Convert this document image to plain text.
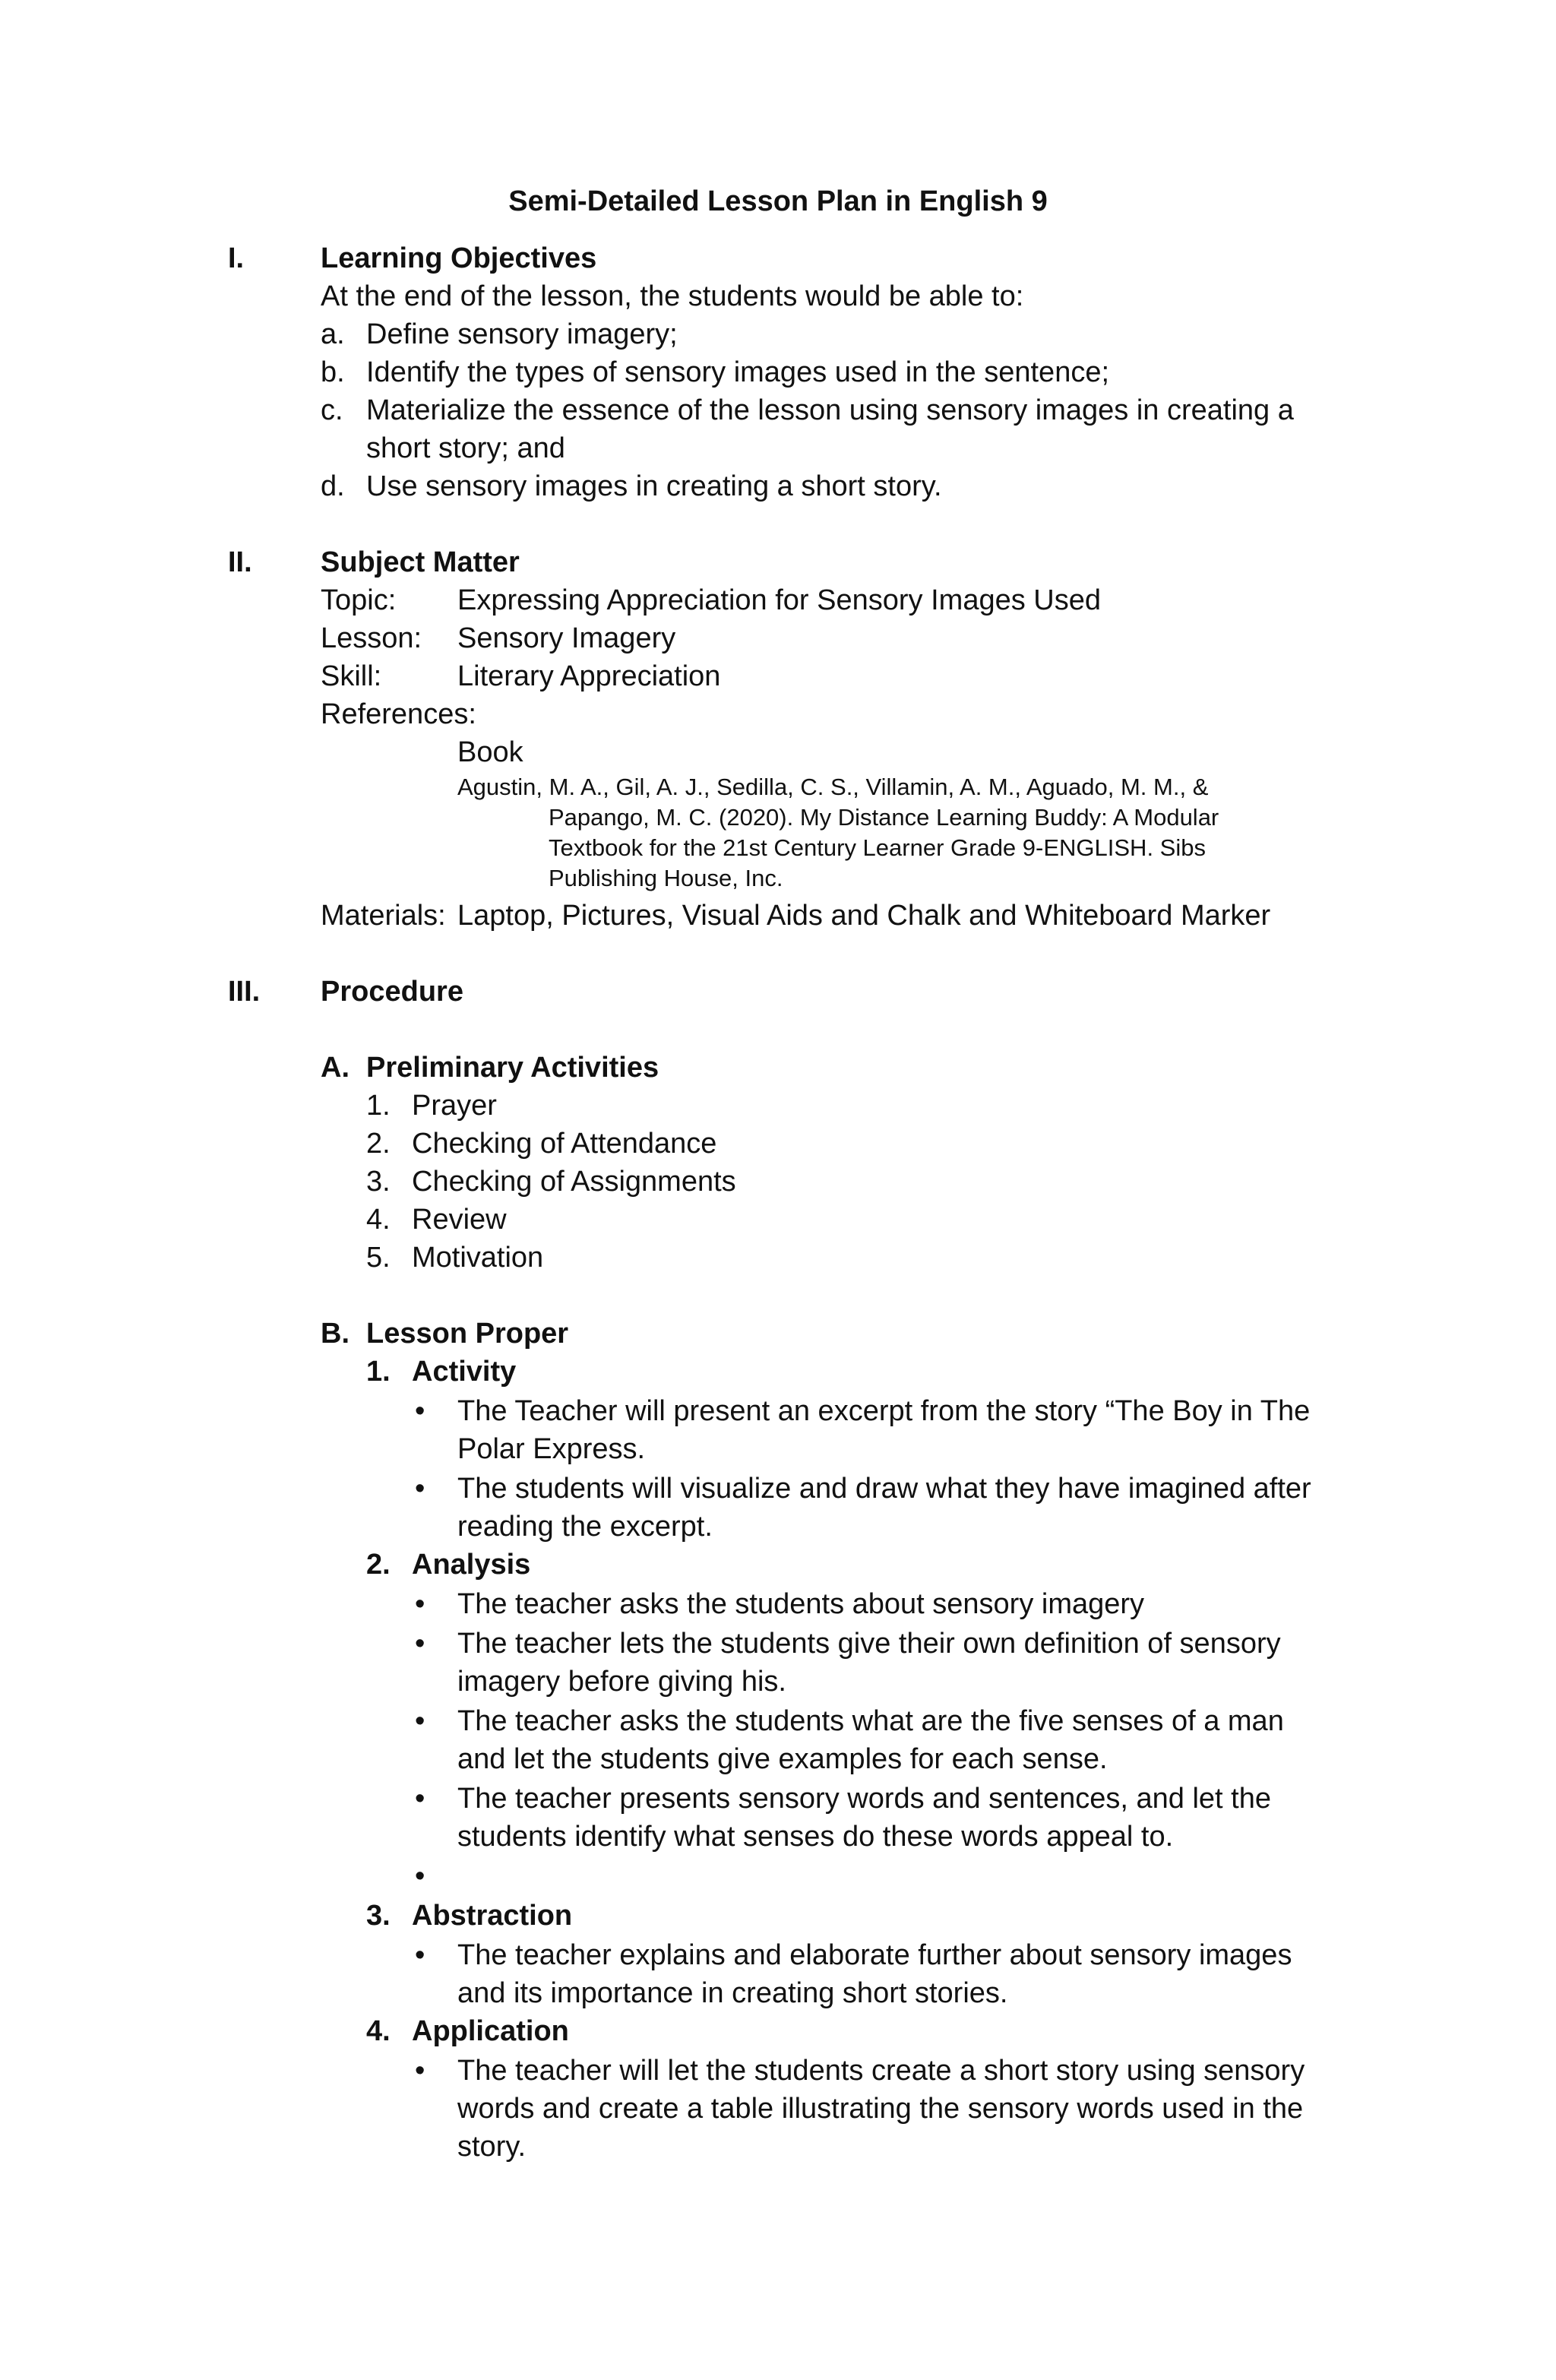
Semi-Detailed Lesson Plan in English 9
I.	Learning Objectives
At the end of the lesson, the students would be able to:
a. Define sensory imagery;
b. Identify the types of sensory images used in the sentence;
c. Materialize the essence of the lesson using sensory images in creating a
short story; and
d. Use sensory images in creating a short story.
II. Subject Matter
Topic: Expressing Appreciation for Sensory Images Used
Lesson: Sensory Imagery
Skill:	Literary Appreciation
References:
Book
Agustin, M. A., Gil, A. J., Sedilla, C. S., Villamin, A. M., Aguado, M. M., &
Papango, M. C. (2020). My Distance Learning Buddy: A Modular
Textbook for the 21st Century Learner Grade 9-ENGLISH. Sibs
Publishing House, Inc.
Materials: Laptop, Pictures, Visual Aids and Chalk and Whiteboard Marker
III. Procedure
A. Preliminary Activities
1. Prayer
2. Checking of Attendance
3. Checking of Assignments
4. Review
5. Motivation
B. Lesson Proper
1. Activity
• The Teacher will present an excerpt from the story “The Boy in The
Polar Express.
• The students will visualize and draw what they have imagined after
reading the excerpt.
2. Analysis
• The teacher asks the students about sensory imagery
• The teacher lets the students give their own definition of sensory
imagery before giving his.
• The teacher asks the students what are the five senses of a man
and let the students give examples for each sense.
• The teacher presents sensory words and sentences, and let the
students identify what senses do these words appeal to.
•
3. Abstraction
• The teacher explains and elaborate further about sensory images
and its importance in creating short stories.
4. Application
• The teacher will let the students create a short story using sensory
words and create a table illustrating the sensory words used in the
story.
